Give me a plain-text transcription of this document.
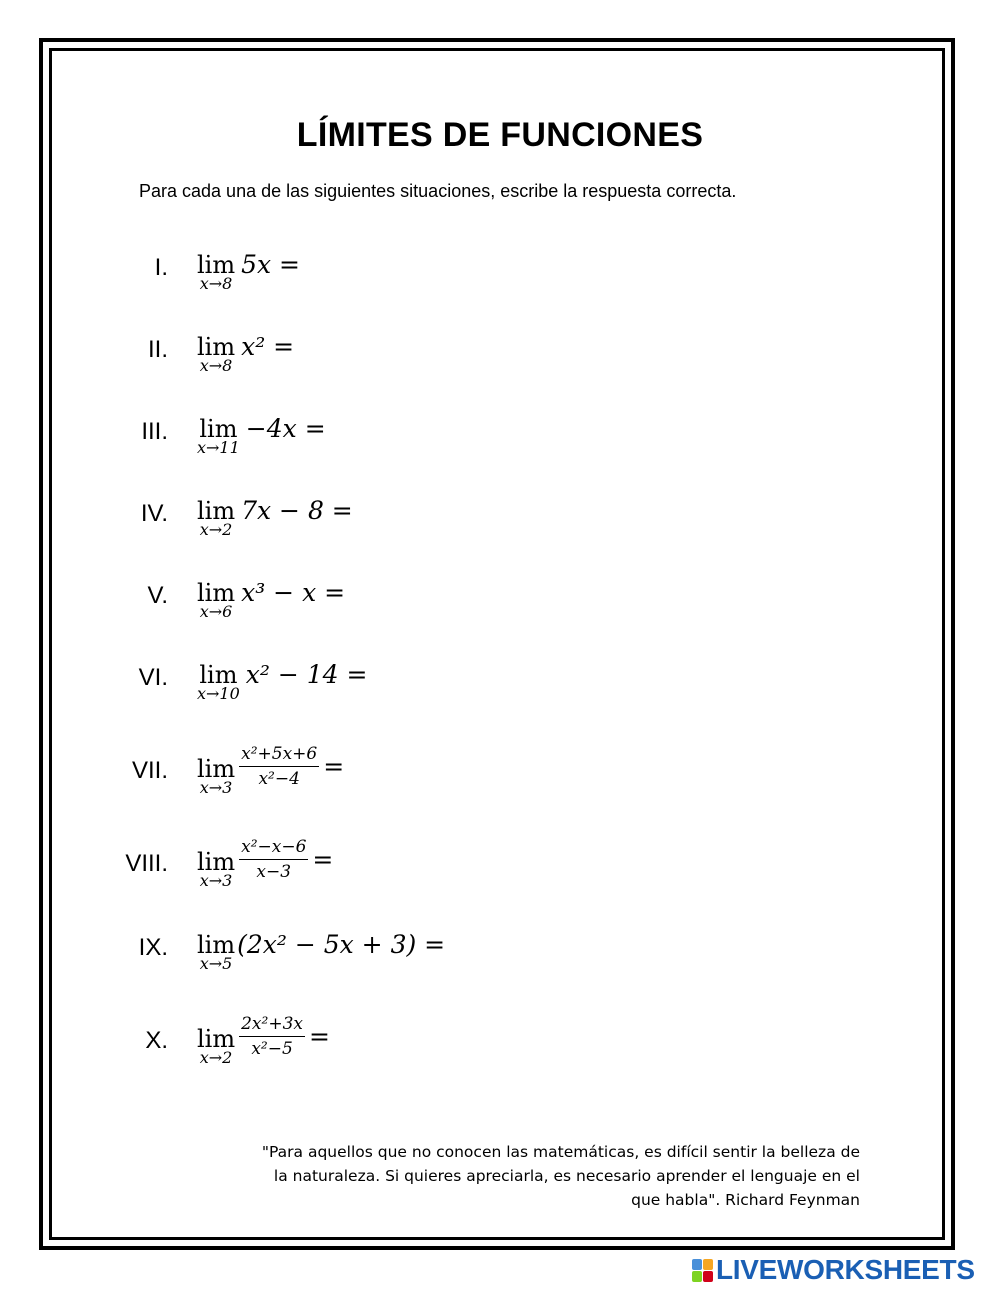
LÍMITES DE FUNCIONES
Para cada una de las siguientes situaciones, escribe la respuesta correcta.
I. lim
x→8
5x =
II. lim
x→8
x² =
III. lim
x→11
−4x =
IV. lim
x→2
7x − 8 =
V. lim
x→6
x³ − x =
VI. lim
x→10
x² − 14 =
VII. lim
$x\to 3 \frac{\text{x²+5x+6}}{\text{x²−4}}$ =
VIII. lim
$x\to 3 \frac{\text{x²−x−6}}{x-3}$ =
IX. lim
x→5
(2x² − 5x + 3) =
X. lim
$x\to 2 \frac{\text{2x²+3x}}{\text{x²−5}}$ =
"Para aquellos que no conocen las matemáticas, es difícil sentir la belleza de
la naturaleza. Si quieres apreciarla, es necesario aprender el lenguaje en el
que habla". Richard Feynman
LIVEWORKSHEETS
